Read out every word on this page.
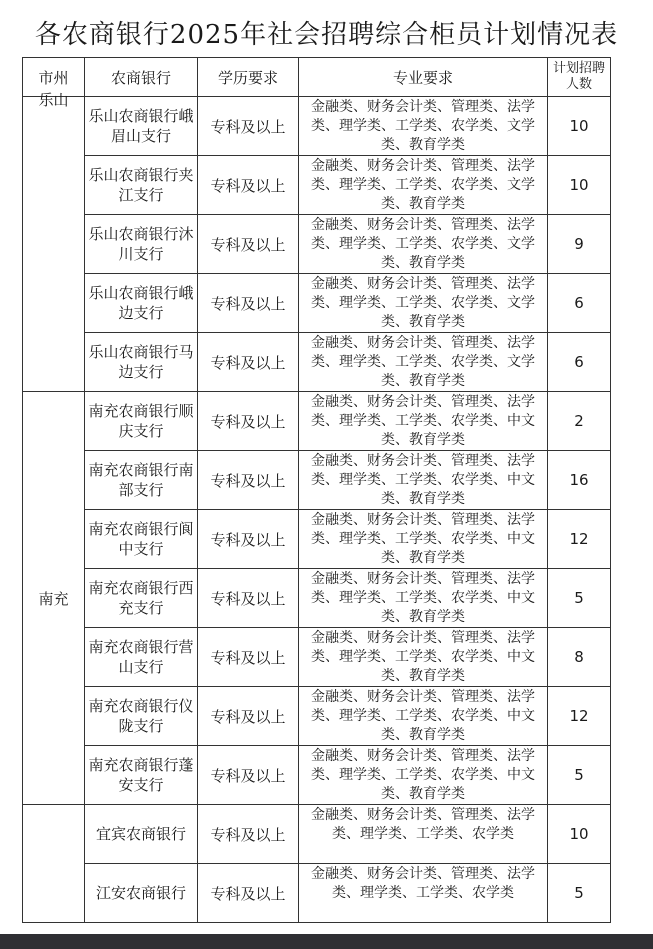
各农商银行2025年社会招聘综合柜员计划情况表
市州	农商银行	学历要求	专业要求	计划招聘人数
乐山	乐山农商银行峨眉山支行	专科及以上	金融类、财务会计类、管理类、法学类、理学类、工学类、农学类、文学类、教育学类	10
	乐山农商银行夹江支行	专科及以上	金融类、财务会计类、管理类、法学类、理学类、工学类、农学类、文学类、教育学类	10
	乐山农商银行沐川支行	专科及以上	金融类、财务会计类、管理类、法学类、理学类、工学类、农学类、文学类、教育学类	9
	乐山农商银行峨边支行	专科及以上	金融类、财务会计类、管理类、法学类、理学类、工学类、农学类、文学类、教育学类	6
	乐山农商银行马边支行	专科及以上	金融类、财务会计类、管理类、法学类、理学类、工学类、农学类、文学类、教育学类	6
南充	南充农商银行顺庆支行	专科及以上	金融类、财务会计类、管理类、法学类、理学类、工学类、农学类、中文类、教育学类	2
	南充农商银行南部支行	专科及以上	金融类、财务会计类、管理类、法学类、理学类、工学类、农学类、中文类、教育学类	16
	南充农商银行阆中支行	专科及以上	金融类、财务会计类、管理类、法学类、理学类、工学类、农学类、中文类、教育学类	12
	南充农商银行西充支行	专科及以上	金融类、财务会计类、管理类、法学类、理学类、工学类、农学类、中文类、教育学类	5
	南充农商银行营山支行	专科及以上	金融类、财务会计类、管理类、法学类、理学类、工学类、农学类、中文类、教育学类	8
	南充农商银行仪陇支行	专科及以上	金融类、财务会计类、管理类、法学类、理学类、工学类、农学类、中文类、教育学类	12
	南充农商银行蓬安支行	专科及以上	金融类、财务会计类、管理类、法学类、理学类、工学类、农学类、中文类、教育学类	5
	宜宾农商银行	专科及以上	金融类、财务会计类、管理类、法学类、理学类、工学类、农学类	10
	江安农商银行	专科及以上	金融类、财务会计类、管理类、法学类、理学类、工学类、农学类	5
